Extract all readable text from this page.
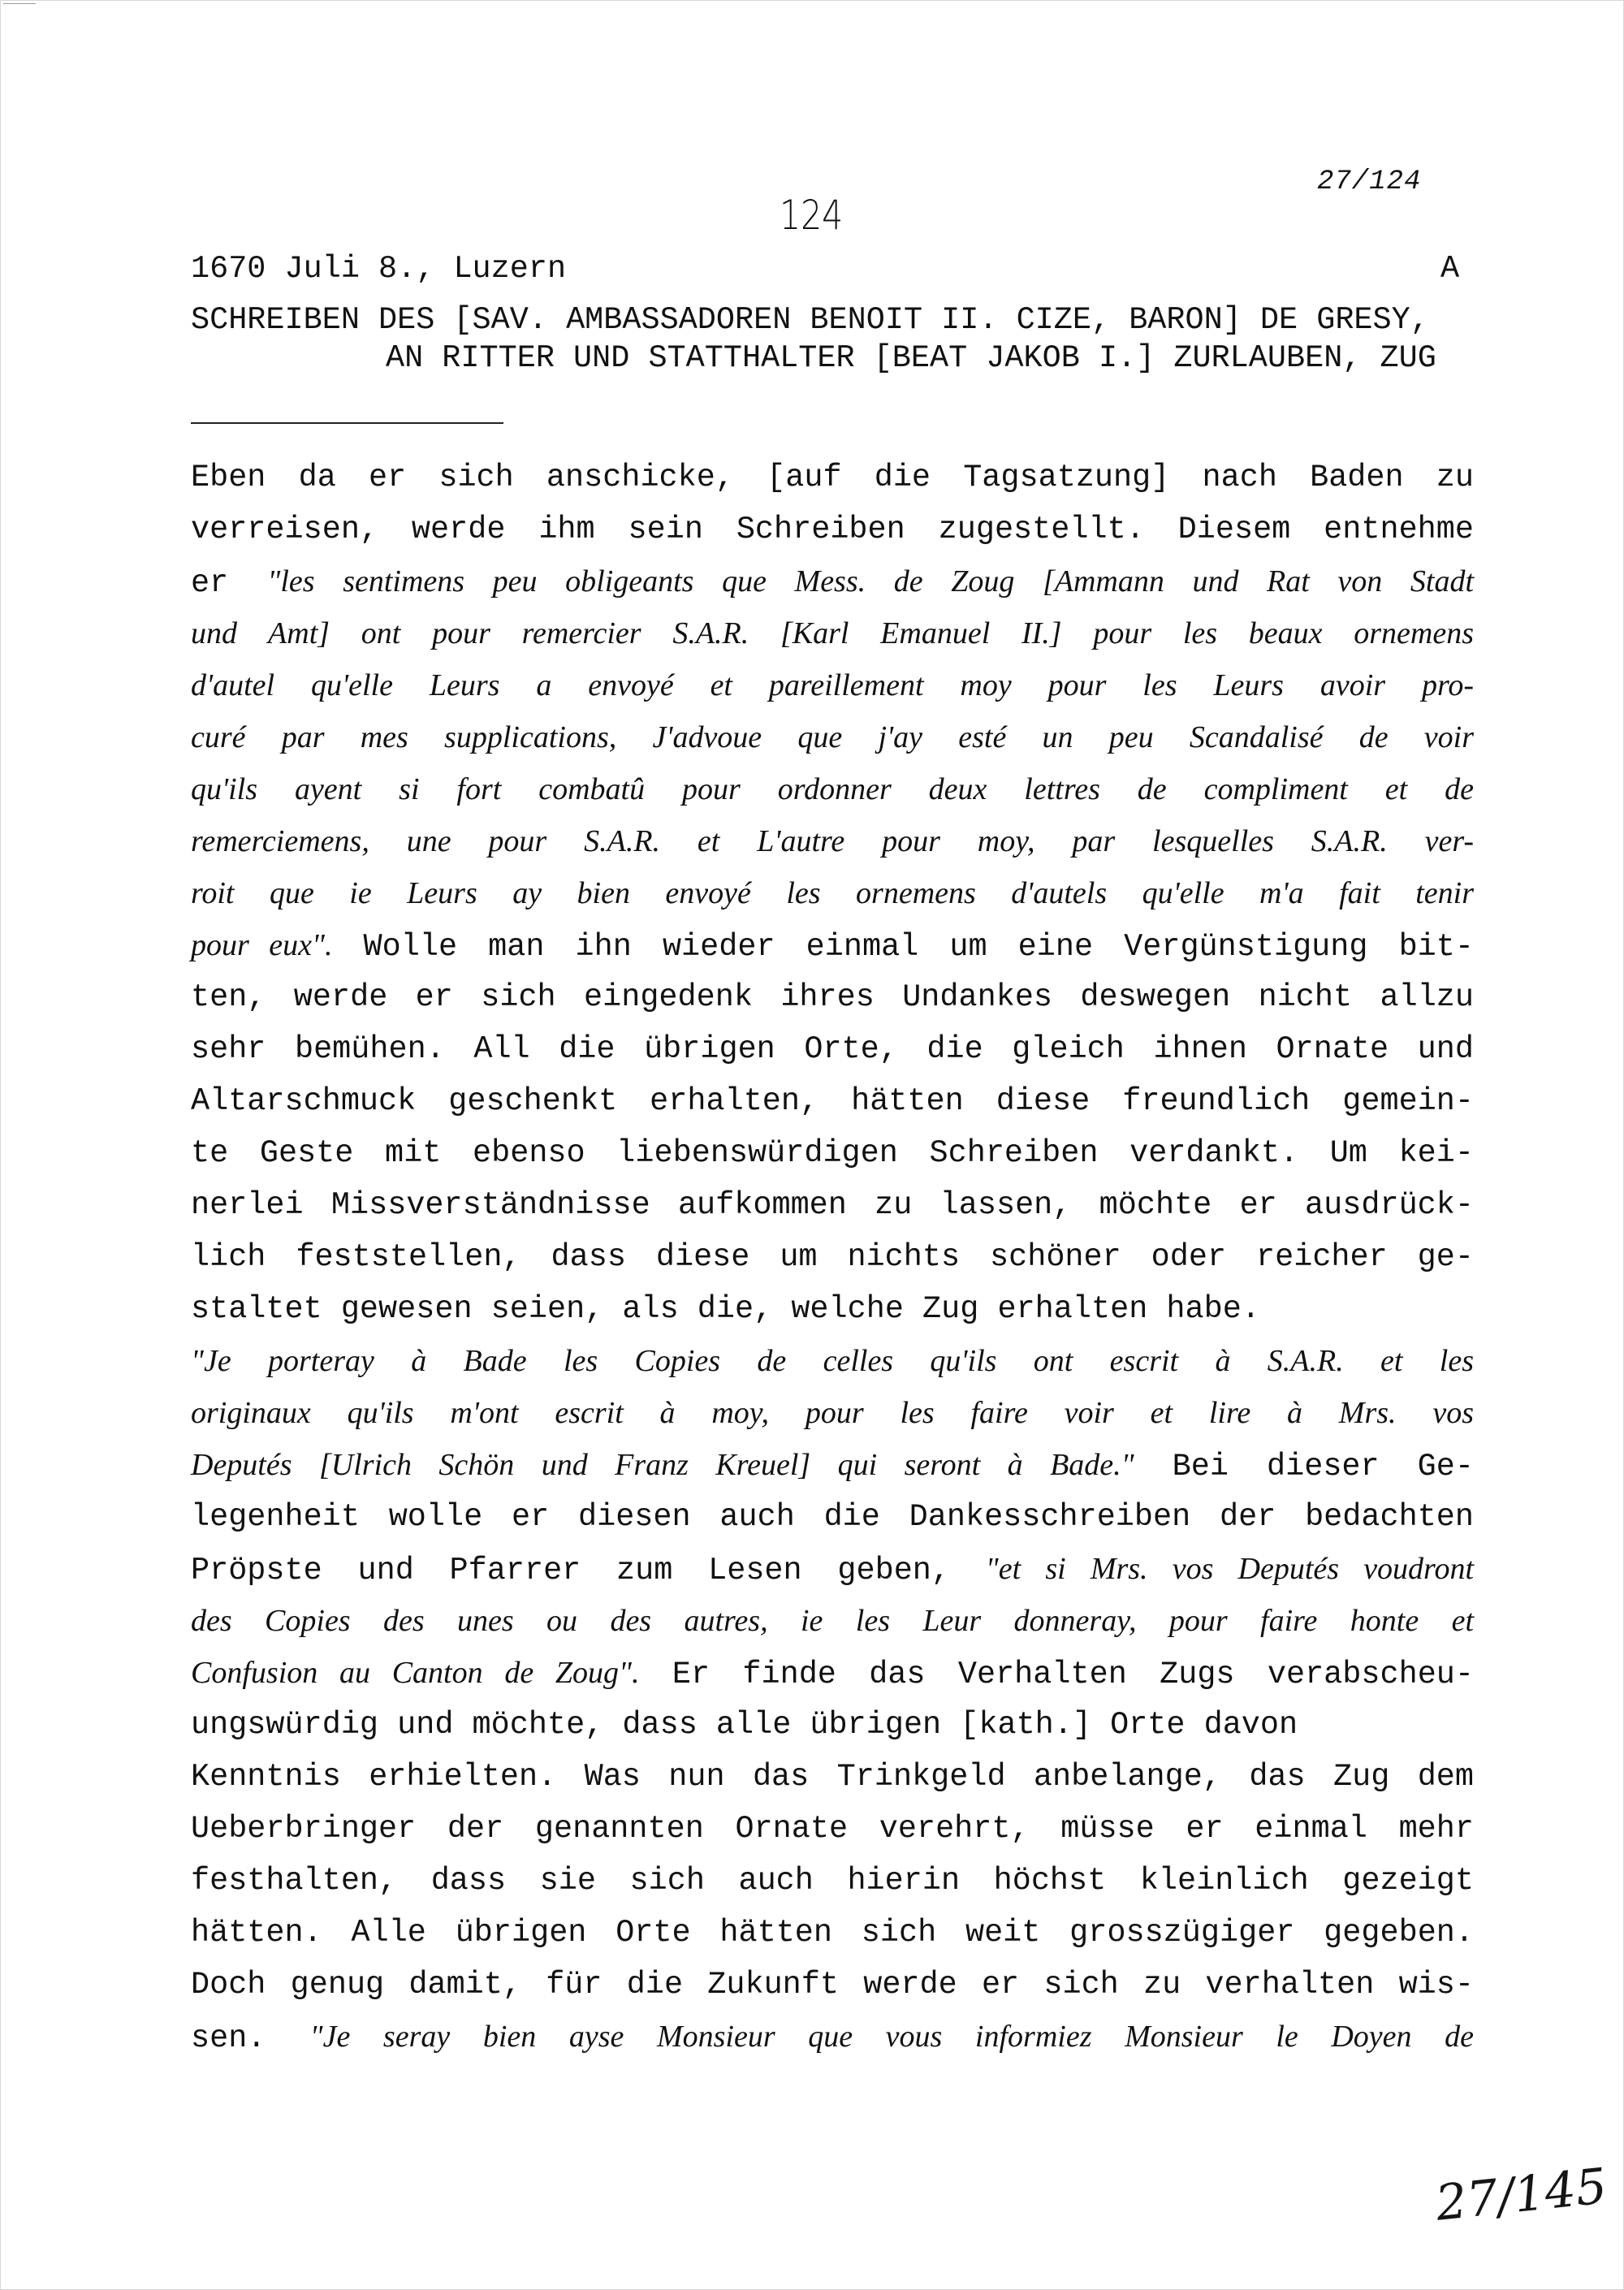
27/124
124
1670 Juli 8., Luzern	A
SCHREIBEN DES [SAV. AMBASSADOREN BENOIT II. CIZE, BARON] DE GRESY,
AN RITTER UND STATTHALTER [BEAT JAKOB I.] ZURLAUBEN, ZUG
Eben da er sich anschicke, [auf die Tagsatzung] nach Baden zu
verreisen, werde ihm sein Schreiben zugestellt. Diesem entnehme
er "les sentimens peu obligeants que Mess. de Zoug [Ammann und Rat von Stadt
und Amt] ont pour remercier S.A.R. [Karl Emanuel II.] pour les beaux ornemens
d'autel qu'elle Leurs a envoyé et pareillement moy pour les Leurs avoir pro-
curé par mes supplications, J'advoue que j'ay esté un peu Scandalisé de voir
qu'ils ayent si fort combatû pour ordonner deux lettres de compliment et de
remerciemens, une pour S.A.R. et L'autre pour moy, par lesquelles S.A.R. ver-
roit que ie Leurs ay bien envoyé les ornemens d'autels qu'elle m'a fait tenir
pour eux". Wolle man ihn wieder einmal um eine Vergünstigung bit-
ten, werde er sich eingedenk ihres Undankes deswegen nicht allzu
sehr bemühen. All die übrigen Orte, die gleich ihnen Ornate und
Altarschmuck geschenkt erhalten, hätten diese freundlich gemein-
te Geste mit ebenso liebenswürdigen Schreiben verdankt. Um kei-
nerlei Missverständnisse aufkommen zu lassen, möchte er ausdrück-
lich feststellen, dass diese um nichts schöner oder reicher ge-
staltet gewesen seien, als die, welche Zug erhalten habe.
"Je porteray à Bade les Copies de celles qu'ils ont escrit à S.A.R. et les
originaux qu'ils m'ont escrit à moy, pour les faire voir et lire à Mrs. vos
Deputés [Ulrich Schön und Franz Kreuel] qui seront à Bade." Bei dieser Ge-
legenheit wolle er diesen auch die Dankesschreiben der bedachten
Pröpste und Pfarrer zum Lesen geben, "et si Mrs. vos Deputés voudront
des Copies des unes ou des autres, ie les Leur donneray, pour faire honte et
Confusion au Canton de Zoug". Er finde das Verhalten Zugs verabscheu-
ungswürdig und möchte, dass alle übrigen [kath.] Orte davon
Kenntnis erhielten. Was nun das Trinkgeld anbelange, das Zug dem
Ueberbringer der genannten Ornate verehrt, müsse er einmal mehr
festhalten, dass sie sich auch hierin höchst kleinlich gezeigt
hätten. Alle übrigen Orte hätten sich weit grosszügiger gegeben.
Doch genug damit, für die Zukunft werde er sich zu verhalten wis-
sen. "Je seray bien ayse Monsieur que vous informiez Monsieur le Doyen de
27/145
